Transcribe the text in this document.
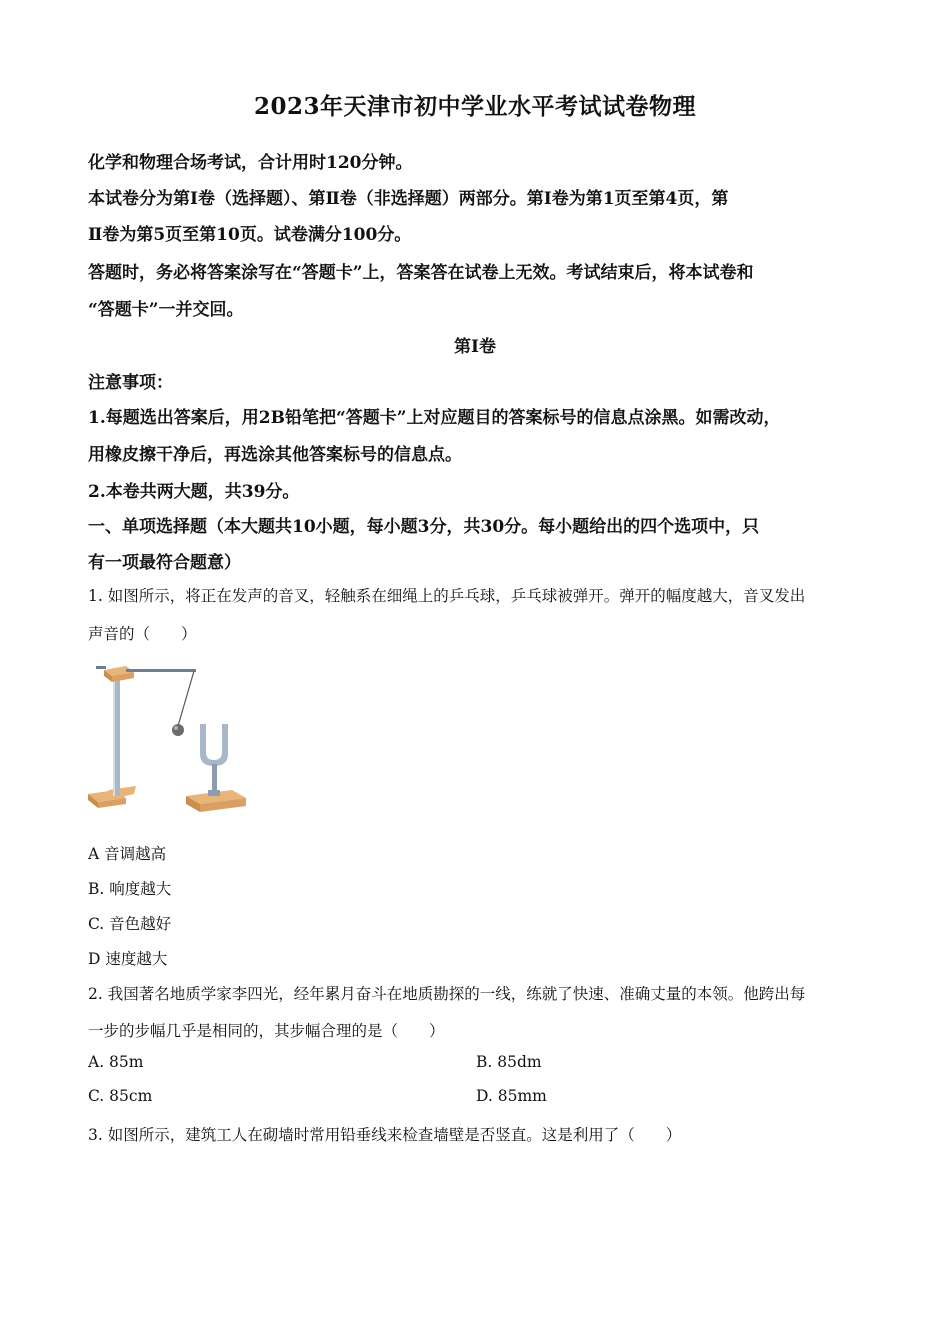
2023年天津市初中学业水平考试试卷物理
化学和物理合场考试，合计用时120分钟。
本试卷分为第Ⅰ卷（选择题）、第Ⅱ卷（非选择题）两部分。第Ⅰ卷为第1页至第4页，第
Ⅱ卷为第5页至第10页。试卷满分100分。
答题时，务必将答案涂写在“答题卡”上，答案答在试卷上无效。考试结束后，将本试卷和
“答题卡”一并交回。
第Ⅰ卷
注意事项：
1.每题选出答案后，用2B铅笔把“答题卡”上对应题目的答案标号的信息点涂黑。如需改动，
用橡皮擦干净后，再选涂其他答案标号的信息点。
2.本卷共两大题，共39分。
一、单项选择题（本大题共10小题，每小题3分，共30分。每小题给出的四个选项中，只
有一项最符合题意）
1. 如图所示，将正在发声的音叉，轻触系在细绳上的乒乓球，乒乓球被弹开。弹开的幅度越大，音叉发出
声音的（　　）
A 音调越高
B. 响度越大
C. 音色越好
D 速度越大
2. 我国著名地质学家李四光，经年累月奋斗在地质勘探的一线，练就了快速、准确丈量的本领。他跨出每
一步的步幅几乎是相同的，其步幅合理的是（　　）
A. 85m	B. 85dm
C. 85cm	D. 85mm
3. 如图所示，建筑工人在砌墙时常用铅垂线来检查墙壁是否竖直。这是利用了（　　）
